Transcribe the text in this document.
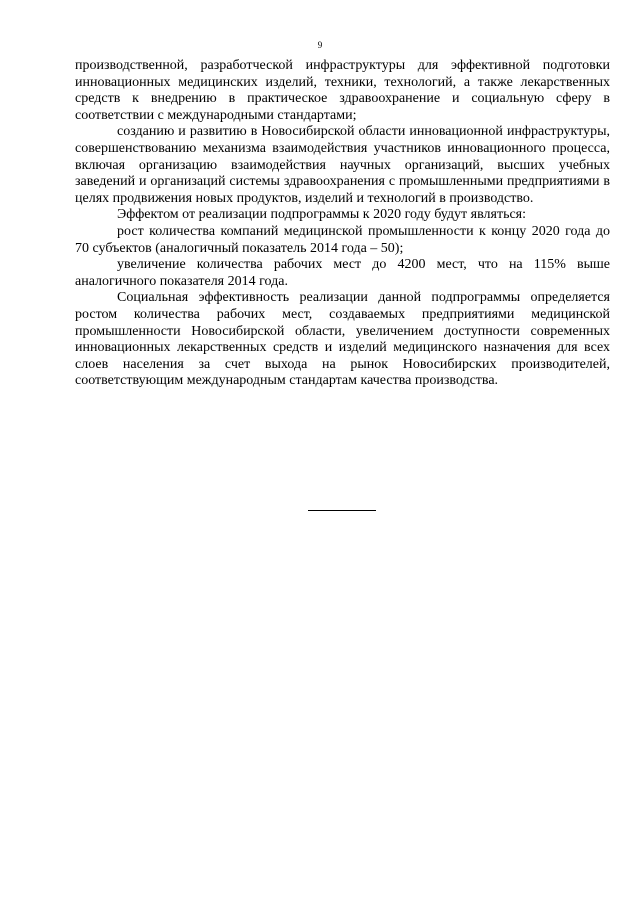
9

производственной, разработческой инфраструктуры для эффективной подготовки инновационных медицинских изделий, техники, технологий, а также лекарственных средств к внедрению в практическое здравоохранение и социальную сферу в соответствии с международными стандартами;

созданию и развитию в Новосибирской области инновационной инфраструктуры, совершенствованию механизма взаимодействия участников инновационного процесса, включая организацию взаимодействия научных организаций, высших учебных заведений и организаций системы здравоохранения с промышленными предприятиями в целях продвижения новых продуктов, изделий и технологий в производство.

Эффектом от реализации подпрограммы к 2020 году будут являться:

рост количества компаний медицинской промышленности к концу 2020 года до 70 субъектов (аналогичный показатель 2014 года – 50);

увеличение количества рабочих мест до 4200 мест, что на 115% выше аналогичного показателя 2014 года.

Социальная эффективность реализации данной подпрограммы определяется ростом количества рабочих мест, создаваемых предприятиями медицинской промышленности Новосибирской области, увеличением доступности современных инновационных лекарственных средств и изделий медицинского назначения для всех слоев населения за счет выхода на рынок Новосибирских производителей, соответствующим международным стандартам качества производства.
